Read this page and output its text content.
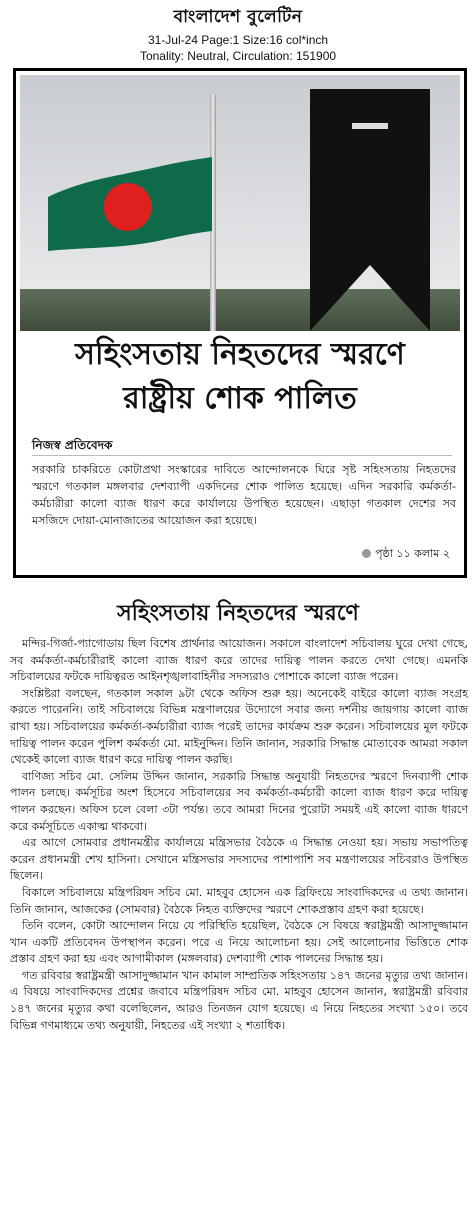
বাংলাদেশ বুলেটিন
31-Jul-24 Page:1 Size:16 col*inch
Tonality: Neutral, Circulation: 151900
সহিংসতায় নিহতদের স্মরণে
রাষ্ট্রীয় শোক পালিত
নিজস্ব প্রতিবেদক
সরকারি চাকরিতে কোটাপ্রথা সংস্কারের দাবিতে আন্দোলনকে ঘিরে সৃষ্ট সহিংসতায় নিহতদের স্মরণে গতকাল মঙ্গলবার দেশব্যাপী একদিনের শোক পালিত হয়েছে। এদিন সরকারি কর্মকর্তা-কর্মচারীরা কালো ব্যাজ ধারণ করে কার্যালয়ে উপস্থিত হয়েছেন। এছাড়া গতকাল দেশের সব মসজিদে দোয়া-মোনাজাতের আয়োজন করা হয়েছে।
পৃষ্ঠা ১১ কলাম ২
সহিংসতায় নিহতদের স্মরণে

মন্দির-গির্জা-প্যাগোডায় ছিল বিশেষ প্রার্থনার আয়োজন। সকালে বাংলাদেশ সচিবালয় ঘুরে দেখা গেছে, সব কর্মকর্তা-কর্মচারীরাই কালো ব্যাজ ধারণ করে তাদের দায়িত্ব পালন করতে দেখা গেছে। এমনকি সচিবালয়ের ফটকে দায়িত্বরত আইনশৃঙ্খলাবাহিনীর সদস্যরাও পোশাকে কালো ব্যাজ পরেন।

সংশ্লিষ্টরা বলছেন, গতকাল সকাল ৯টা থেকে অফিস শুরু হয়। অনেকেই বাইরে কালো ব্যাজ সংগ্রহ করতে পারেননি। তাই সচিবালয়ে বিভিন্ন মন্ত্রণালয়ের উদ্যোগে সবার জন্য দর্শনীয় জায়গায় কালো ব্যাজ রাখা হয়। সচিবালয়ের কর্মকর্তা-কর্মচারীরা ব্যাজ পরেই তাদের কার্যক্রম শুরু করেন। সচিবালয়ের মূল ফটকে দায়িত্ব পালন করেন পুলিশ কর্মকর্তা মো. মাইনুদ্দিন। তিনি জানান, সরকারি সিদ্ধান্ত মোতাবেক আমরা সকাল থেকেই কালো ব্যাজ ধারণ করে দায়িত্ব পালন করছি।

বাণিজ্য সচিব মো. সেলিম উদ্দিন জানান, সরকারি সিদ্ধান্ত অনুযায়ী নিহতদের স্মরণে দিনব্যাপী শোক পালন চলছে। কর্মসূচির অংশ হিসেবে সচিবালয়ের সব কর্মকর্তা-কর্মচারী কালো ব্যাজ ধারণ করে দায়িত্ব পালন করছেন। অফিস চলে বেলা ৩টা পর্যন্ত। তবে আমরা দিনের পুরোটা সময়ই এই কালো ব্যাজ ধারণে করে কর্মসূচিতে একাত্ম থাকবো।

এর আগে সোমবার প্রধানমন্ত্রীর কার্যালয়ে মন্ত্রিসভার বৈঠকে এ সিদ্ধান্ত নেওয়া হয়। সভায় সভাপতিত্ব করেন প্রধানমন্ত্রী শেখ হাসিনা। সেখানে মন্ত্রিসভার সদস্যদের পাশাপাশি সব মন্ত্রণালয়ের সচিবরাও উপস্থিত ছিলেন।

বিকালে সচিবালয়ে মন্ত্রিপরিষদ সচিব মো. মাহবুব হোসেন এক ব্রিফিংয়ে সাংবাদিকদের এ তথ্য জানান। তিনি জানান, আজকের (সোমবার) বৈঠকে নিহত ব্যক্তিদের স্মরণে শোকপ্রস্তাব গ্রহণ করা হয়েছে।

তিনি বলেন, কোটা আন্দোলন নিয়ে যে পরিস্থিতি হয়েছিল, বৈঠকে সে বিষয়ে স্বরাষ্ট্রমন্ত্রী আসাদুজ্জামান খান একটি প্রতিবেদন উপস্থাপন করেন। পরে এ নিয়ে আলোচনা হয়। সেই আলোচনার ভিত্তিতে শোক প্রস্তাব গ্রহণ করা হয় এবং আগামীকাল (মঙ্গলবার) দেশব্যাপী শোক পালনের সিদ্ধান্ত হয়।

গত রবিবার স্বরাষ্ট্রমন্ত্রী আসাদুজ্জামান খান কামাল সাম্প্রতিক সহিংসতায় ১৪৭ জনের মৃত্যুর তথ্য জানান। এ বিষয়ে সাংবাদিকদের প্রশ্নের জবাবে মন্ত্রিপরিষদ সচিব মো. মাহবুব হোসেন জানান, স্বরাষ্ট্রমন্ত্রী রবিবার ১৪৭ জনের মৃত্যুর কথা বলেছিলেন, আরও তিনজন যোগ হয়েছে। এ নিয়ে নিহতের সংখ্যা ১৫০। তবে বিভিন্ন গণমাধ্যমে তথ্য অনুযায়ী, নিহতের এই সংখ্যা ২ শতাধিক।
